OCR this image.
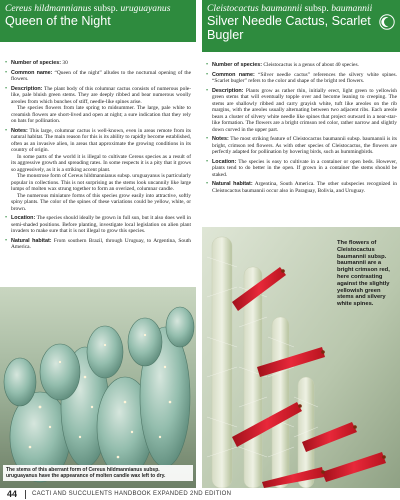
Cereus hildmannianus subsp. uruguayanus
Queen of the Night
• Number of species: 30
• Common name: “Queen of the night” alludes to the nocturnal opening of the flowers.

• Description: The plant body of this columnar cactus consists of numerous pole-like, pale bluish green stems. They are deeply ribbed and bear numerous woolly areoles from which bunches of stiff, needle-like spines arise.

The species flowers from late spring to midsummer. The large, pale white to creamish flowers are short-lived and open at night; a sure indication that they rely on bats for pollination.

• Notes: This large, columnar cactus is well-known, even in areas remote from its natural habitat. The main reason for this is its ability to rapidly become established, often as an invasive alien, in areas that approximate the growing conditions in its country of origin.

In some parts of the world it is illegal to cultivate Cereus species as a result of its aggressive growth and spreading rates. In some respects it is a pity that it grows so aggressively, as it is a striking accent plant.

The monstrose form of Cereus hildmannianus subsp. uruguayanus is particularly popular in collections. This is not surprising as the stems look uncannily like large lumps of molten wax strung together to form an overized, columnar candle.

The numerous miniature forms of this species grow easily into attractive, softly spiny plants. The color of the spines of these variations could be yellow, white, or brown.

• Location: The species should ideally be grown in full sun, but it also does well in semi-shaded positions. Before planting, investigate local legislation on alien plant invaders to make sure that it is not illegal to grow this species.
• Natural habitat: From southern Brazil, through Uruguay, to Argentina, South America.
The stems of this aberrant form of Cereus hildmannianus subsp. uruguayanus have the appearance of molten candle wax left to dry.
Cleistocactus baumannii subsp. baumannii
Silver Needle Cactus, Scarlet Bugler
• Number of species: Cleistocactus is a genus of about 40 species.
• Common name: “Silver needle cactus” references the silvery white spines. “Scarlet bugler” refers to the color and shape of the bright red flowers.
• Description: Plants grow as rather thin, initially erect, light green to yellowish green stems that will eventually topple over and become leaning to creeping. The stems are shallowly ribbed and carry grayish white, tuft like areoles on the rib margins, with the areoles usually alternating between two adjacent ribs. Each areole bears a cluster of silvery white needle like spines that project outward in a near-star-like formation. The flowers are a bright crimson red color, rather narrow and slightly down curved in the upper part.
• Notes: The most striking feature of Cleistocactus baumannii subsp. baumannii is its bright, crimson red flowers. As with other species of Cleistocactus, the flowers are perfectly adapted for pollination by hovering birds, such as hummingbirds.
• Location: The species is easy to cultivate in a container or open beds. However, plants tend to do better in the open. If grown in a container the stems should be staked.
• Natural habitat: Argentina, South America. The other subspecies recognized in Cleistocactus baumannii occur also in Paraguay, Bolivia, and Uruguay.
The flowers of Cleistocactus baumannii subsp. baumannii are a bright crimson red, here contrasting against the slightly yellowish green stems and silvery white spines.
44 CACTI AND SUCCULENTS HANDBOOK EXPANDED 2ND EDITION
